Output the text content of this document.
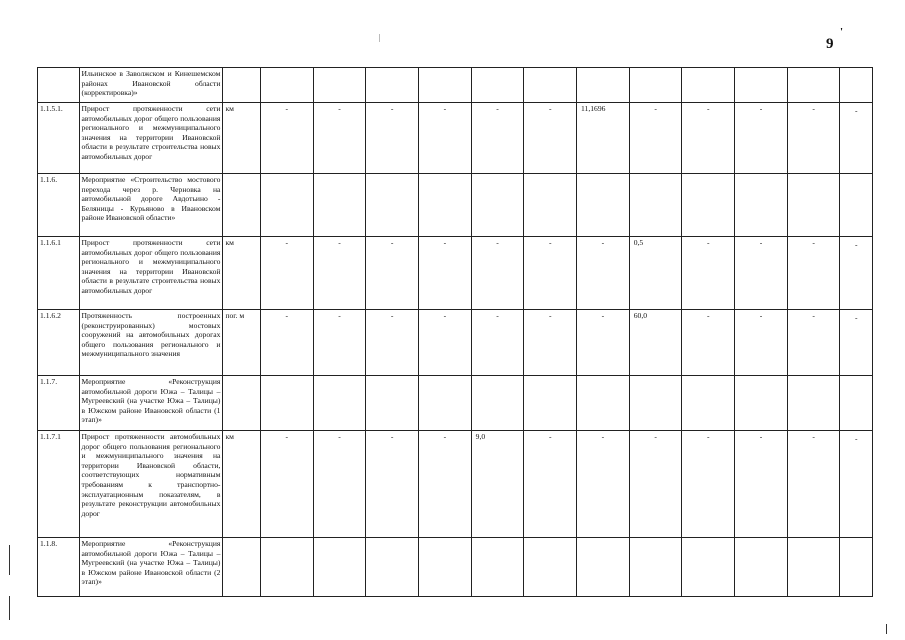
9
'
	Ильинское в Заволжском и Кинешемском районах Ивановской области (корректировка)»													
1.1.5.1.	Прирост протяженности сети автомобильных дорог общего пользования регионального и межмуниципального значения на территории Ивановской области в результате строительства новых автомобильных дорог	км	-	-	-	-	-	-	11,1696	-	-	-	-	-
1.1.6.	Мероприятие «Строительство мостового перехода через р. Черновка на автомобильной дороге Авдотьино - Беляницы - Курьяново в Ивановском районе Ивановской области»													
1.1.6.1	Прирост протяженности сети автомобильных дорог общего пользования регионального и межмуниципального значения на территории Ивановской области в результате строительства новых автомобильных дорог	км	-	-	-	-	-	-	-	0,5	-	-	-	-
1.1.6.2	Протяженность построенных (реконструированных) мостовых сооружений на автомобильных дорогах общего пользования регионального и межмуниципального значения	пог. м	-	-	-	-	-	-	-	60,0	-	-	-	-
1.1.7.	Мероприятие «Реконструкция автомобильной дороги Южа – Талицы – Мугреевский (на участке Южа – Талицы) в Южском районе Ивановской области (1 этап)»													
1.1.7.1	Прирост протяженности автомобильных дорог общего пользования регионального и межмуниципального значения на территории Ивановской области, соответствующих нормативным требованиям к транспортно-эксплуатационным показателям, в результате реконструкции автомобильных дорог	км	-	-	-	-	9,0	-	-	-	-	-	-	-
1.1.8.	Мероприятие «Реконструкция автомобильной дороги Южа – Талицы – Мугреевский (на участке Южа – Талицы) в Южском районе Ивановской области (2 этап)»													
